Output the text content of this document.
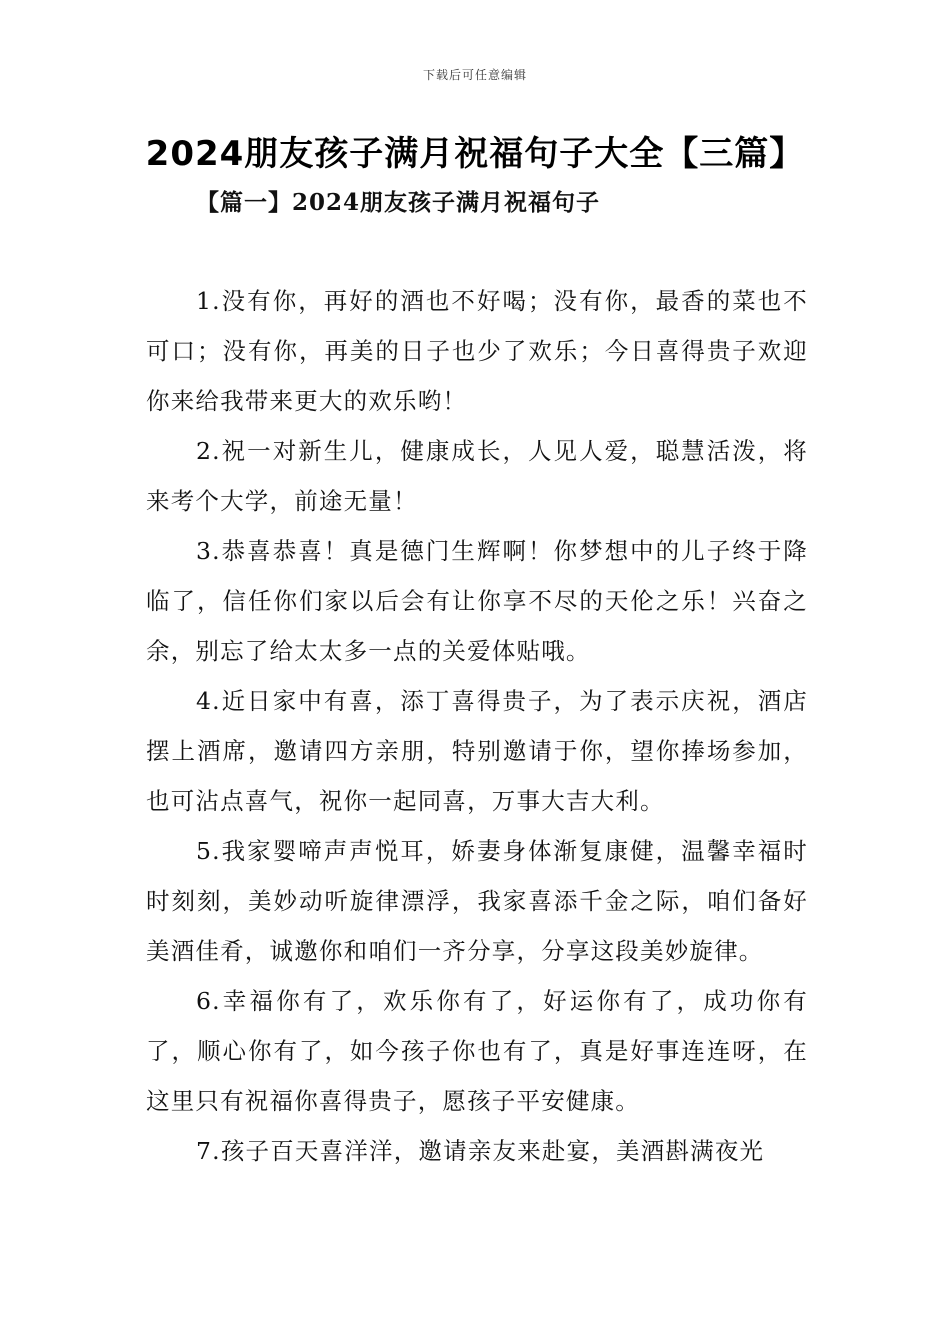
下载后可任意编辑
2024朋友孩子满月祝福句子大全【三篇】
【篇一】2024朋友孩子满月祝福句子

1.没有你，再好的酒也不好喝；没有你，最香的菜也不可口；没有你，再美的日子也少了欢乐；今日喜得贵子欢迎你来给我带来更大的欢乐哟！

2.祝一对新生儿，健康成长，人见人爱，聪慧活泼，将来考个大学，前途无量！

3.恭喜恭喜！真是德门生辉啊！你梦想中的儿子终于降临了，信任你们家以后会有让你享不尽的天伦之乐！兴奋之余，别忘了给太太多一点的关爱体贴哦。

4.近日家中有喜，添丁喜得贵子，为了表示庆祝，酒店摆上酒席，邀请四方亲朋，特别邀请于你，望你捧场参加，也可沾点喜气，祝你一起同喜，万事大吉大利。

5.我家婴啼声声悦耳，娇妻身体渐复康健，温馨幸福时时刻刻，美妙动听旋律漂浮，我家喜添千金之际，咱们备好美酒佳肴，诚邀你和咱们一齐分享，分享这段美妙旋律。

6.幸福你有了，欢乐你有了，好运你有了，成功你有了，顺心你有了，如今孩子你也有了，真是好事连连呀，在这里只有祝福你喜得贵子，愿孩子平安健康。

7.孩子百天喜洋洋，邀请亲友来赴宴，美酒斟满夜光
